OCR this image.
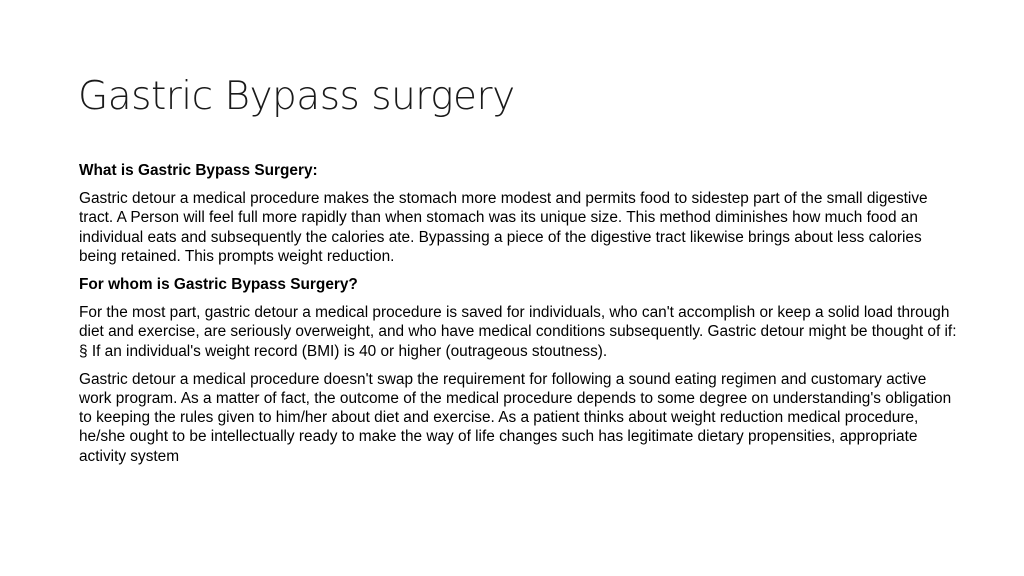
Gastric Bypass surgery

What is Gastric Bypass Surgery:

Gastric detour a medical procedure makes the stomach more modest and permits food to sidestep part of the small digestive tract. A Person will feel full more rapidly than when stomach was its unique size. This method diminishes how much food an individual eats and subsequently the calories ate. Bypassing a piece of the digestive tract likewise brings about less calories being retained. This prompts weight reduction.

For whom is Gastric Bypass Surgery?

For the most part, gastric detour a medical procedure is saved for individuals, who can't accomplish or keep a solid load through diet and exercise, are seriously overweight, and who have medical conditions subsequently. Gastric detour might be thought of if: § If an individual's weight record (BMI) is 40 or higher (outrageous stoutness).

Gastric detour a medical procedure doesn't swap the requirement for following a sound eating regimen and customary active work program. As a matter of fact, the outcome of the medical procedure depends to some degree on understanding's obligation to keeping the rules given to him/her about diet and exercise. As a patient thinks about weight reduction medical procedure, he/she ought to be intellectually ready to make the way of life changes such has legitimate dietary propensities, appropriate activity system
